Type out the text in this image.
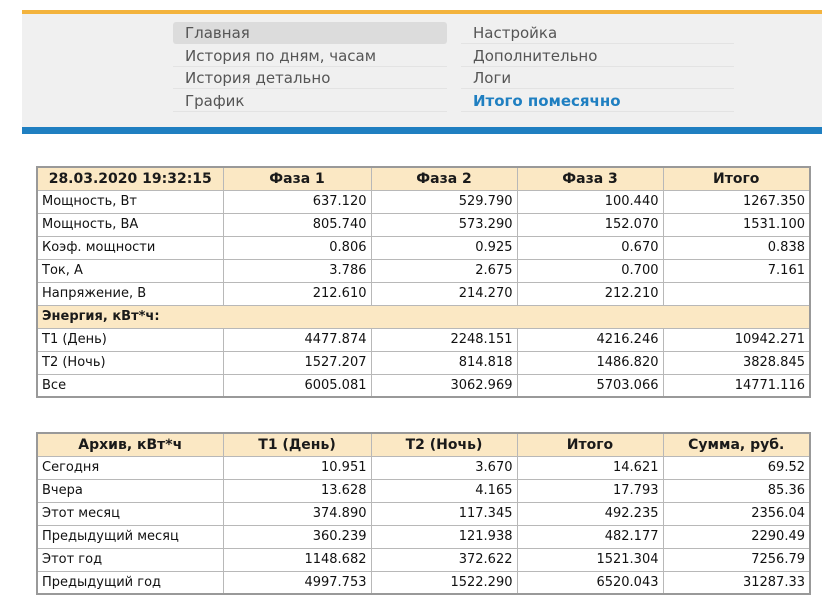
Главная
История по дням, часам
История детально
График
Настройка
Дополнительно
Логи
Итого помесячно
28.03.2020 19:32:15	Фаза 1	Фаза 2	Фаза 3	Итого
Мощность, Вт	637.120	529.790	100.440	1267.350
Мощность, ВА	805.740	573.290	152.070	1531.100
Коэф. мощности	0.806	0.925	0.670	0.838
Ток, А	3.786	2.675	0.700	7.161
Напряжение, В	212.610	214.270	212.210	
Энергия, кВт*ч:				
Т1 (День)	4477.874	2248.151	4216.246	10942.271
Т2 (Ночь)	1527.207	814.818	1486.820	3828.845
Все	6005.081	3062.969	5703.066	14771.116
Архив, кВт*ч	Т1 (День)	Т2 (Ночь)	Итого	Сумма, руб.
Сегодня	10.951	3.670	14.621	69.52
Вчера	13.628	4.165	17.793	85.36
Этот месяц	374.890	117.345	492.235	2356.04
Предыдущий месяц	360.239	121.938	482.177	2290.49
Этот год	1148.682	372.622	1521.304	7256.79
Предыдущий год	4997.753	1522.290	6520.043	31287.33
